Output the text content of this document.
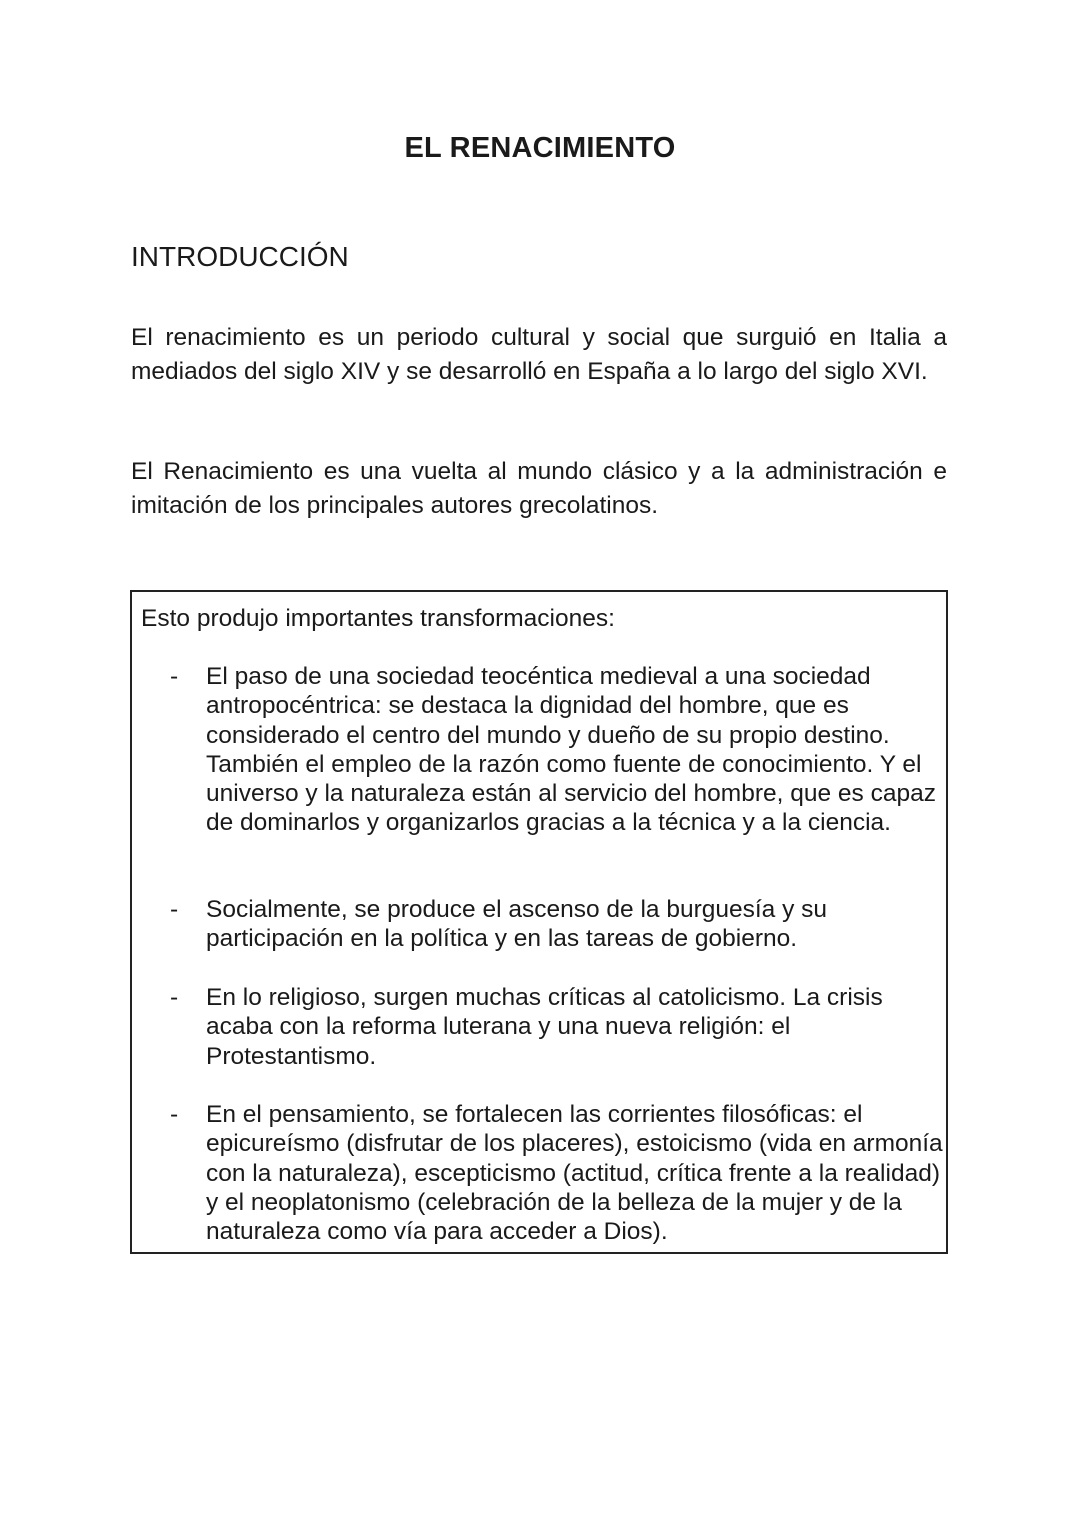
EL RENACIMIENTO
INTRODUCCIÓN

El renacimiento es un periodo cultural y social que surguió en Italia a mediados del siglo XIV y se desarrolló en España a lo largo del siglo XVI.

El Renacimiento es una vuelta al mundo clásico y a la administración e imitación de los principales autores grecolatinos.

Esto produjo importantes transformaciones:

- El paso de una sociedad teocéntica medieval a una sociedad antropocéntrica: se destaca la dignidad del hombre, que es considerado el centro del mundo y dueño de su propio destino. También el empleo de la razón como fuente de conocimiento. Y el universo y la naturaleza están al servicio del hombre, que es capaz de dominarlos y organizarlos gracias a la técnica y a la ciencia.

- Socialmente, se produce el ascenso de la burguesía y su participación en la política y en las tareas de gobierno.

- En lo religioso, surgen muchas críticas al catolicismo. La crisis acaba con la reforma luterana y una nueva religión: el Protestantismo.

- En el pensamiento, se fortalecen las corrientes filosóficas: el epicureísmo (disfrutar de los placeres), estoicismo (vida en armonía con la naturaleza), escepticismo (actitud, crítica frente a la realidad) y el neoplatonismo (celebración de la belleza de la mujer y de la naturaleza como vía para acceder a Dios).
